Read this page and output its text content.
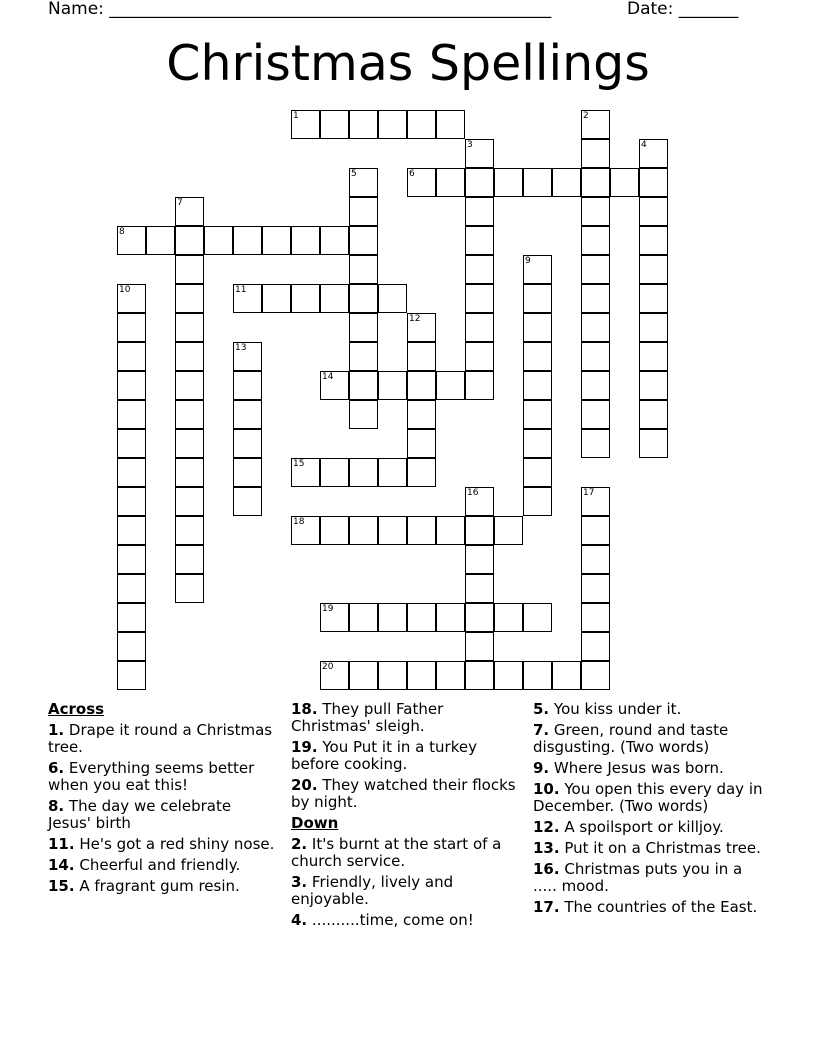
Name: ____________________________________________________	Date: _______
Christmas Spellings
1	2
3	4
5	6
7
8
9
10	11
12
13
14
15
16	17
18
19
20
Across
1. Drape it round a Christmas tree.
6. Everything seems better when you eat this!
8. The day we celebrate Jesus' birth
11. He's got a red shiny nose.
14. Cheerful and friendly.
15. A fragrant gum resin.
18. They pull Father Christmas' sleigh.
19. You Put it in a turkey before cooking.
20. They watched their flocks by night.
Down
2. It's burnt at the start of a church service.
3. Friendly, lively and enjoyable.
4. ..........time, come on!
5. You kiss under it.
7. Green, round and taste disgusting. (Two words)
9. Where Jesus was born.
10. You open this every day in December. (Two words)
12. A spoilsport or killjoy.
13. Put it on a Christmas tree.
16. Christmas puts you in a ..... mood.
17. The countries of the East.
